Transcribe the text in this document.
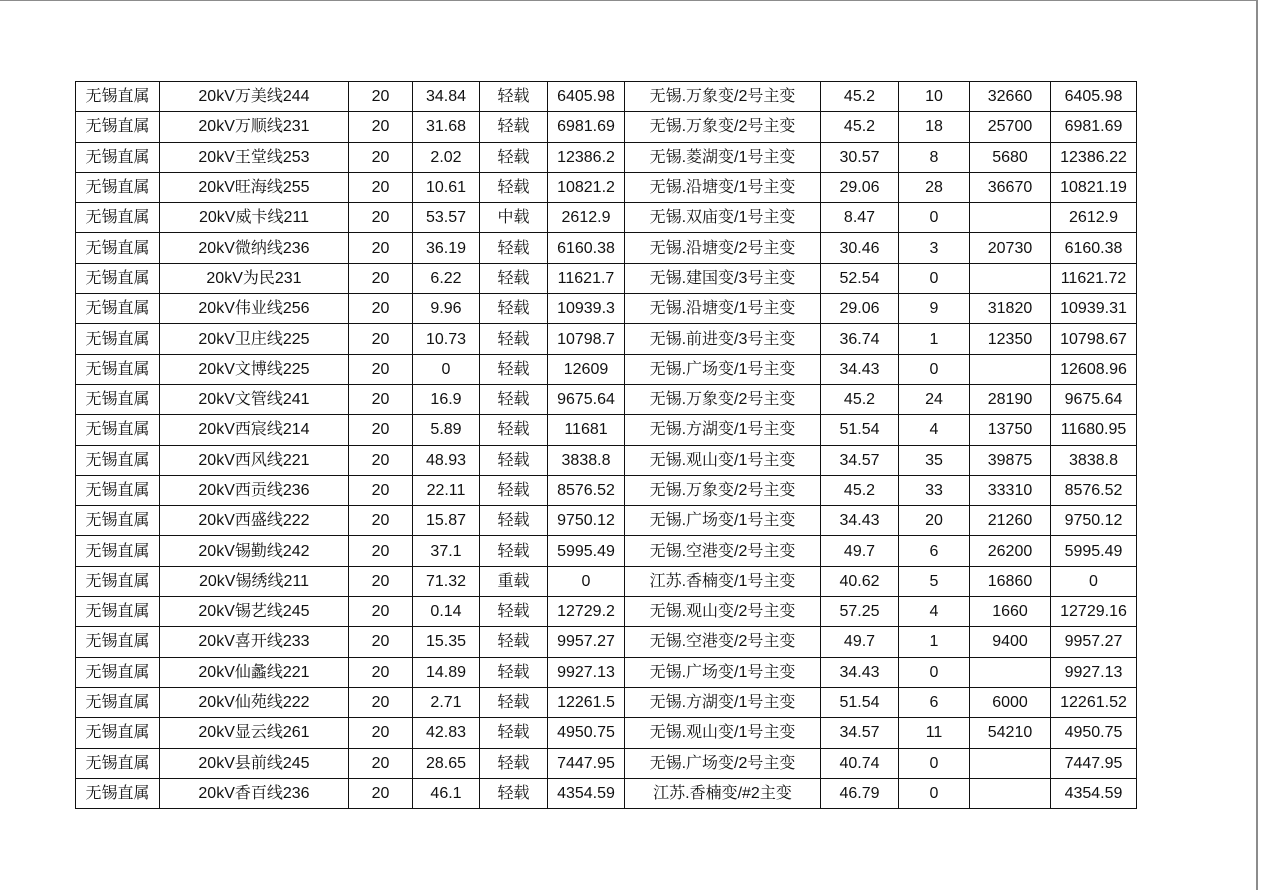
无锡直属	20kV万美线244	20	34.84	轻载	6405.98	无锡.万象变/2号主变	45.2	10	32660	6405.98
无锡直属	20kV万顺线231	20	31.68	轻载	6981.69	无锡.万象变/2号主变	45.2	18	25700	6981.69
无锡直属	20kV王堂线253	20	2.02	轻载	12386.2	无锡.菱湖变/1号主变	30.57	8	5680	12386.22
无锡直属	20kV旺海线255	20	10.61	轻载	10821.2	无锡.沿塘变/1号主变	29.06	28	36670	10821.19
无锡直属	20kV威卡线211	20	53.57	中载	2612.9	无锡.双庙变/1号主变	8.47	0		2612.9
无锡直属	20kV微纳线236	20	36.19	轻载	6160.38	无锡.沿塘变/2号主变	30.46	3	20730	6160.38
无锡直属	20kV为民231	20	6.22	轻载	11621.7	无锡.建国变/3号主变	52.54	0		11621.72
无锡直属	20kV伟业线256	20	9.96	轻载	10939.3	无锡.沿塘变/1号主变	29.06	9	31820	10939.31
无锡直属	20kV卫庄线225	20	10.73	轻载	10798.7	无锡.前进变/3号主变	36.74	1	12350	10798.67
无锡直属	20kV文博线225	20	0	轻载	12609	无锡.广场变/1号主变	34.43	0		12608.96
无锡直属	20kV文管线241	20	16.9	轻载	9675.64	无锡.万象变/2号主变	45.2	24	28190	9675.64
无锡直属	20kV西宸线214	20	5.89	轻载	11681	无锡.方湖变/1号主变	51.54	4	13750	11680.95
无锡直属	20kV西风线221	20	48.93	轻载	3838.8	无锡.观山变/1号主变	34.57	35	39875	3838.8
无锡直属	20kV西贡线236	20	22.11	轻载	8576.52	无锡.万象变/2号主变	45.2	33	33310	8576.52
无锡直属	20kV西盛线222	20	15.87	轻载	9750.12	无锡.广场变/1号主变	34.43	20	21260	9750.12
无锡直属	20kV锡勤线242	20	37.1	轻载	5995.49	无锡.空港变/2号主变	49.7	6	26200	5995.49
无锡直属	20kV锡绣线211	20	71.32	重载	0	江苏.香楠变/1号主变	40.62	5	16860	0
无锡直属	20kV锡艺线245	20	0.14	轻载	12729.2	无锡.观山变/2号主变	57.25	4	1660	12729.16
无锡直属	20kV喜开线233	20	15.35	轻载	9957.27	无锡.空港变/2号主变	49.7	1	9400	9957.27
无锡直属	20kV仙蠡线221	20	14.89	轻载	9927.13	无锡.广场变/1号主变	34.43	0		9927.13
无锡直属	20kV仙苑线222	20	2.71	轻载	12261.5	无锡.方湖变/1号主变	51.54	6	6000	12261.52
无锡直属	20kV显云线261	20	42.83	轻载	4950.75	无锡.观山变/1号主变	34.57	11	54210	4950.75
无锡直属	20kV县前线245	20	28.65	轻载	7447.95	无锡.广场变/2号主变	40.74	0		7447.95
无锡直属	20kV香百线236	20	46.1	轻载	4354.59	江苏.香楠变/#2主变	46.79	0		4354.59
